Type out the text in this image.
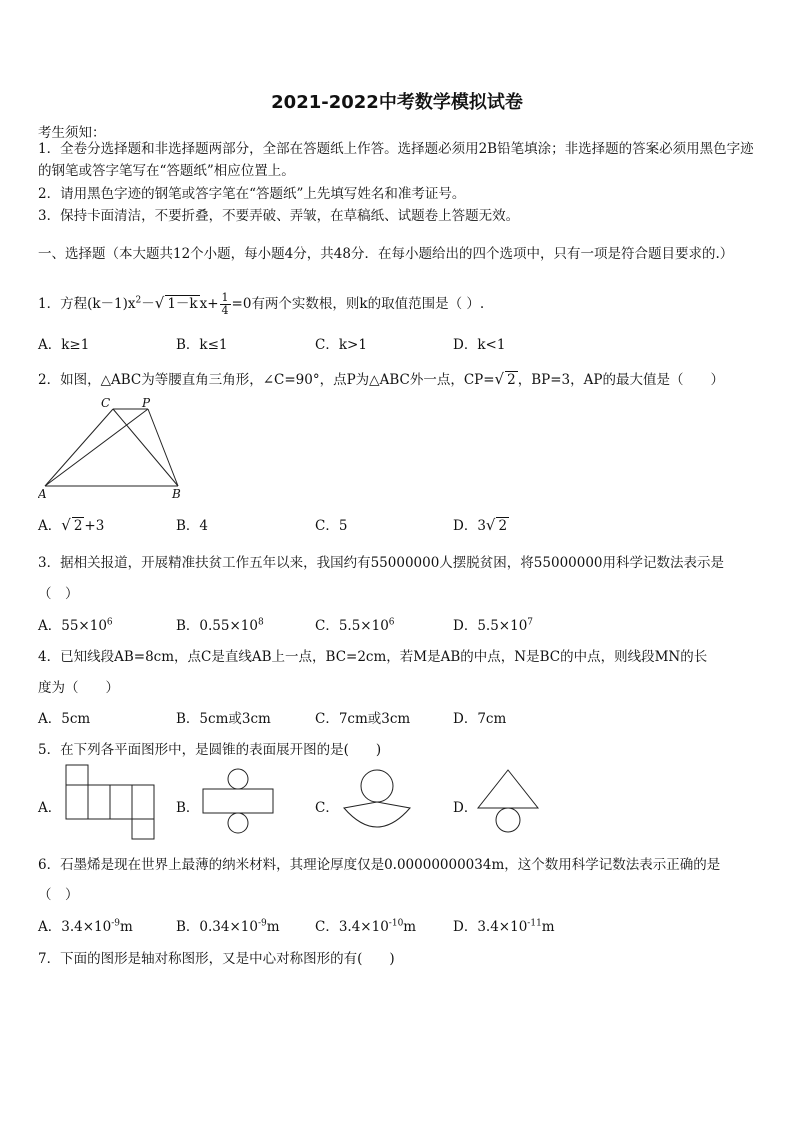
2021-2022中考数学模拟试卷
考生须知：
1．全卷分选择题和非选择题两部分，全部在答题纸上作答。选择题必须用2B铅笔填涂；非选择题的答案必须用黑色字迹的钢笔或答字笔写在“答题纸”相应位置上。
2．请用黑色字迹的钢笔或答字笔在“答题纸”上先填写姓名和准考证号。
3．保持卡面清洁，不要折叠，不要弄破、弄皱，在草稿纸、试题卷上答题无效。
一、选择题（本大题共12个小题，每小题4分，共48分．在每小题给出的四个选项中，只有一项是符合题目要求的.）
1．方程$(k-1)x^2-√$ 1－k $x+ \frac{1}{4} =0$有两个实数根，则k的取值范围是（ ）.
A．k≥1	B．k≤1	C．k>1	D．k<1
2．如图，△ABC为等腰直角三角形，∠C=90°，点P为△ABC外一点，CP=√ 2 ，BP=3，AP的最大值是（　　）
C	P
A	B
A．√ 2 +3	B．4	C．5	D．3√ 2
3．据相关报道，开展精准扶贫工作五年以来，我国约有55000000人摆脱贫困，将55000000用科学记数法表示是
（　）
A．$55\times 10^6$	B．$0.55\times 10^8$	C．$5.5\times 10^6$	D．$5.5\times 10^7$
4．已知线段AB=8cm，点C是直线AB上一点，BC=2cm，若M是AB的中点，N是BC的中点，则线段MN的长
度为（　　）
A．5cm	B．5cm或3cm	C．7cm或3cm	D．7cm
5．在下列各平面图形中，是圆锥的表面展开图的是(　　)
A．	B．	C．	D．
6．石墨烯是现在世界上最薄的纳米材料，其理论厚度仅是0.00000000034m，这个数用科学记数法表示正确的是
（　）
A．$3.4\times 10^{-9}m$	B．$0.34\times 10^{-9}m$	C．$3.4\times 10^{-10}m$	D．$3.4\times 10^{-11}m$
7．下面的图形是轴对称图形，又是中心对称图形的有(　　)
